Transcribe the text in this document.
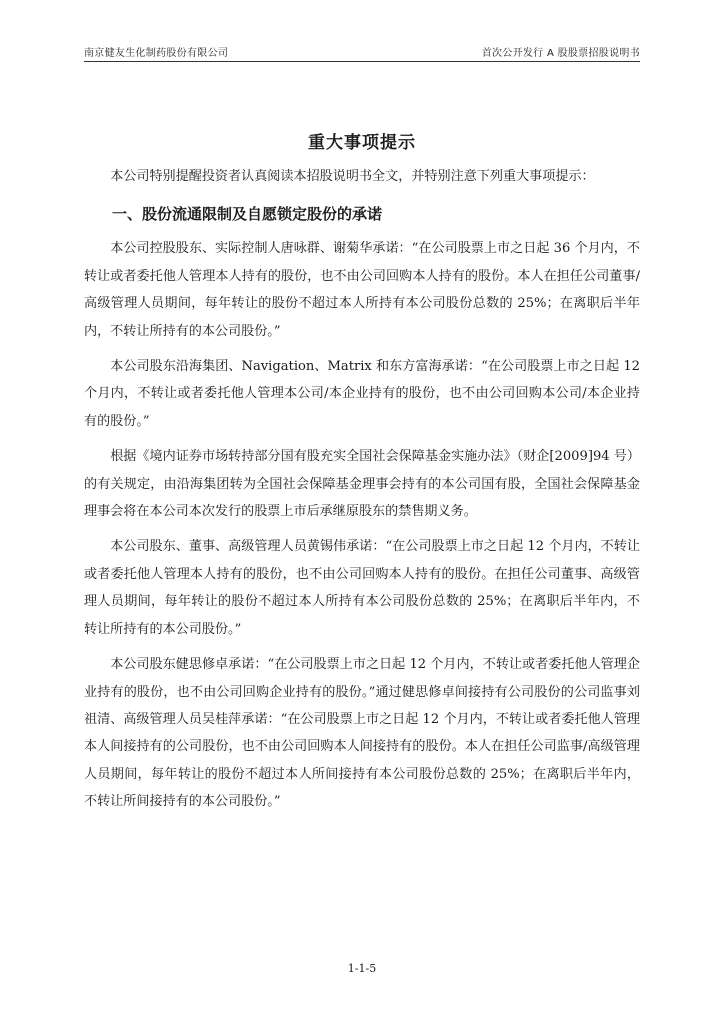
南京健友生化制药股份有限公司	首次公开发行 A 股股票招股说明书
重大事项提示

本公司特别提醒投资者认真阅读本招股说明书全文，并特别注意下列重大事项提示：

一、股份流通限制及自愿锁定股份的承诺

本公司控股股东、实际控制人唐咏群、谢菊华承诺：“在公司股票上市之日起 36 个月内，不转让或者委托他人管理本人持有的股份，也不由公司回购本人持有的股份。本人在担任公司董事/高级管理人员期间，每年转让的股份不超过本人所持有本公司股份总数的 25%；在离职后半年内，不转让所持有的本公司股份。”

本公司股东沿海集团、Navigation、Matrix 和东方富海承诺：“在公司股票上市之日起 12 个月内，不转让或者委托他人管理本公司/本企业持有的股份，也不由公司回购本公司/本企业持有的股份。”

根据《境内证券市场转持部分国有股充实全国社会保障基金实施办法》（财企[2009]94 号）的有关规定，由沿海集团转为全国社会保障基金理事会持有的本公司国有股，全国社会保障基金理事会将在本公司本次发行的股票上市后承继原股东的禁售期义务。

本公司股东、董事、高级管理人员黄锡伟承诺：“在公司股票上市之日起 12 个月内，不转让或者委托他人管理本人持有的股份，也不由公司回购本人持有的股份。在担任公司董事、高级管理人员期间，每年转让的股份不超过本人所持有本公司股份总数的 25%；在离职后半年内，不转让所持有的本公司股份。”

本公司股东健思修卓承诺：“在公司股票上市之日起 12 个月内，不转让或者委托他人管理企业持有的股份，也不由公司回购企业持有的股份。”通过健思修卓间接持有公司股份的公司监事刘祖清、高级管理人员吴桂萍承诺：“在公司股票上市之日起 12 个月内，不转让或者委托他人管理本人间接持有的公司股份，也不由公司回购本人间接持有的股份。本人在担任公司监事/高级管理人员期间，每年转让的股份不超过本人所间接持有本公司股份总数的 25%；在离职后半年内，不转让所间接持有的本公司股份。”

1-1-5
